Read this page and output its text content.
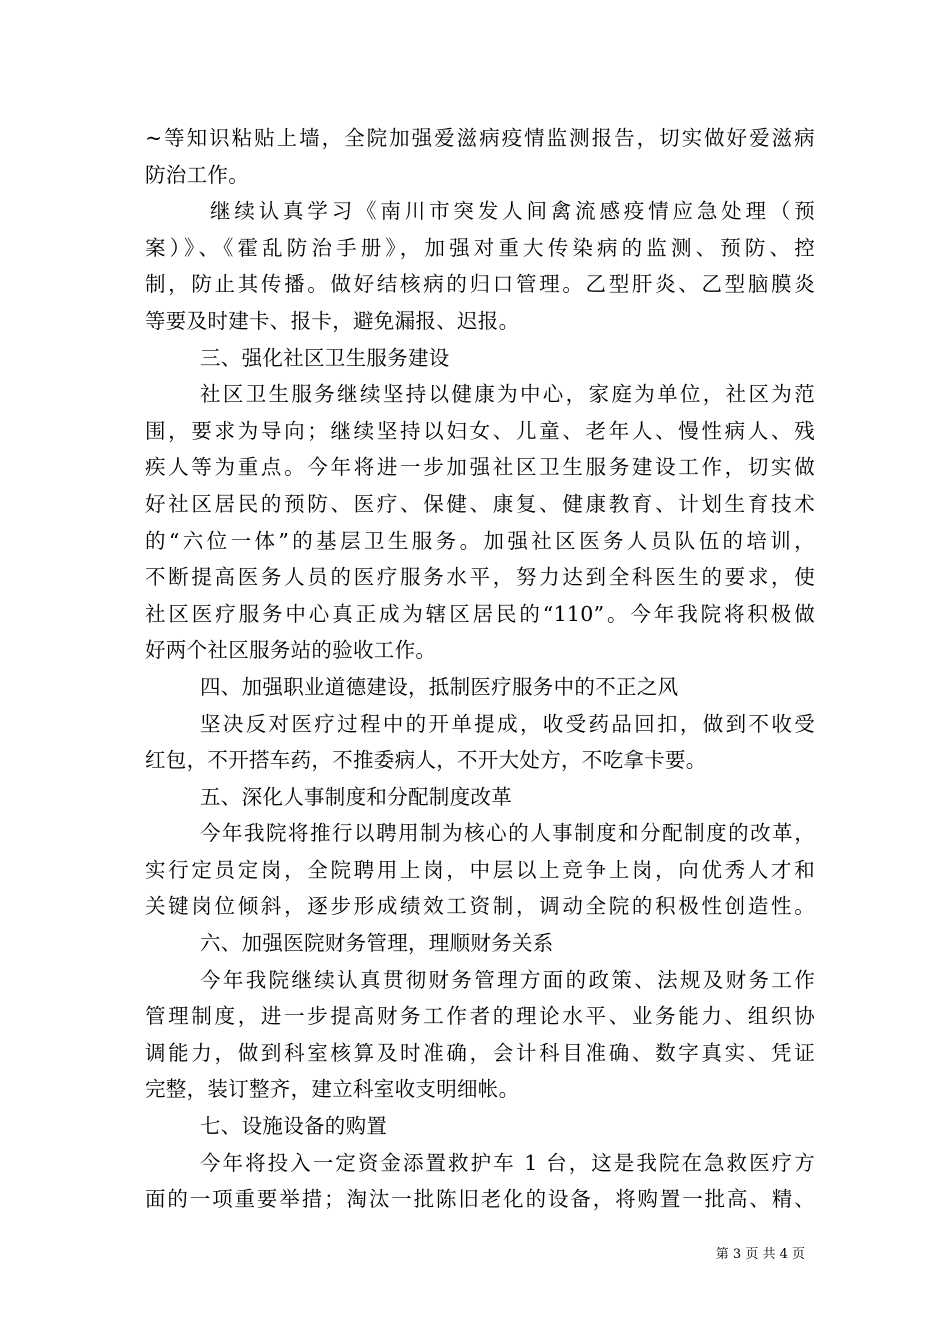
~等知识粘贴上墙，全院加强爱滋病疫情监测报告，切实做好爱滋病
防治工作。
继续认真学习《南川市突发人间禽流感疫情应急处理（预
案）》、《霍乱防治手册》，加强对重大传染病的监测、预防、控
制，防止其传播。做好结核病的归口管理。乙型肝炎、乙型脑膜炎
等要及时建卡、报卡，避免漏报、迟报。
三、强化社区卫生服务建设
社区卫生服务继续坚持以健康为中心，家庭为单位，社区为范
围，要求为导向；继续坚持以妇女、儿童、老年人、慢性病人、残
疾人等为重点。今年将进一步加强社区卫生服务建设工作，切实做
好社区居民的预防、医疗、保健、康复、健康教育、计划生育技术
的“六位一体”的基层卫生服务。加强社区医务人员队伍的培训，
不断提高医务人员的医疗服务水平，努力达到全科医生的要求，使
社区医疗服务中心真正成为辖区居民的“110”。今年我院将积极做
好两个社区服务站的验收工作。
四、加强职业道德建设，抵制医疗服务中的不正之风
坚决反对医疗过程中的开单提成，收受药品回扣，做到不收受
红包，不开搭车药，不推委病人，不开大处方，不吃拿卡要。
五、深化人事制度和分配制度改革
今年我院将推行以聘用制为核心的人事制度和分配制度的改革，
实行定员定岗，全院聘用上岗，中层以上竞争上岗，向优秀人才和
关键岗位倾斜，逐步形成绩效工资制，调动全院的积极性创造性。
六、加强医院财务管理，理顺财务关系
今年我院继续认真贯彻财务管理方面的政策、法规及财务工作
管理制度，进一步提高财务工作者的理论水平、业务能力、组织协
调能力，做到科室核算及时准确，会计科目准确、数字真实、凭证
完整，装订整齐，建立科室收支明细帐。
七、设施设备的购置
今年将投入一定资金添置救护车 1 台，这是我院在急救医疗方
面的一项重要举措；淘汰一批陈旧老化的设备，将购置一批高、精、
第 3 页 共 4 页
